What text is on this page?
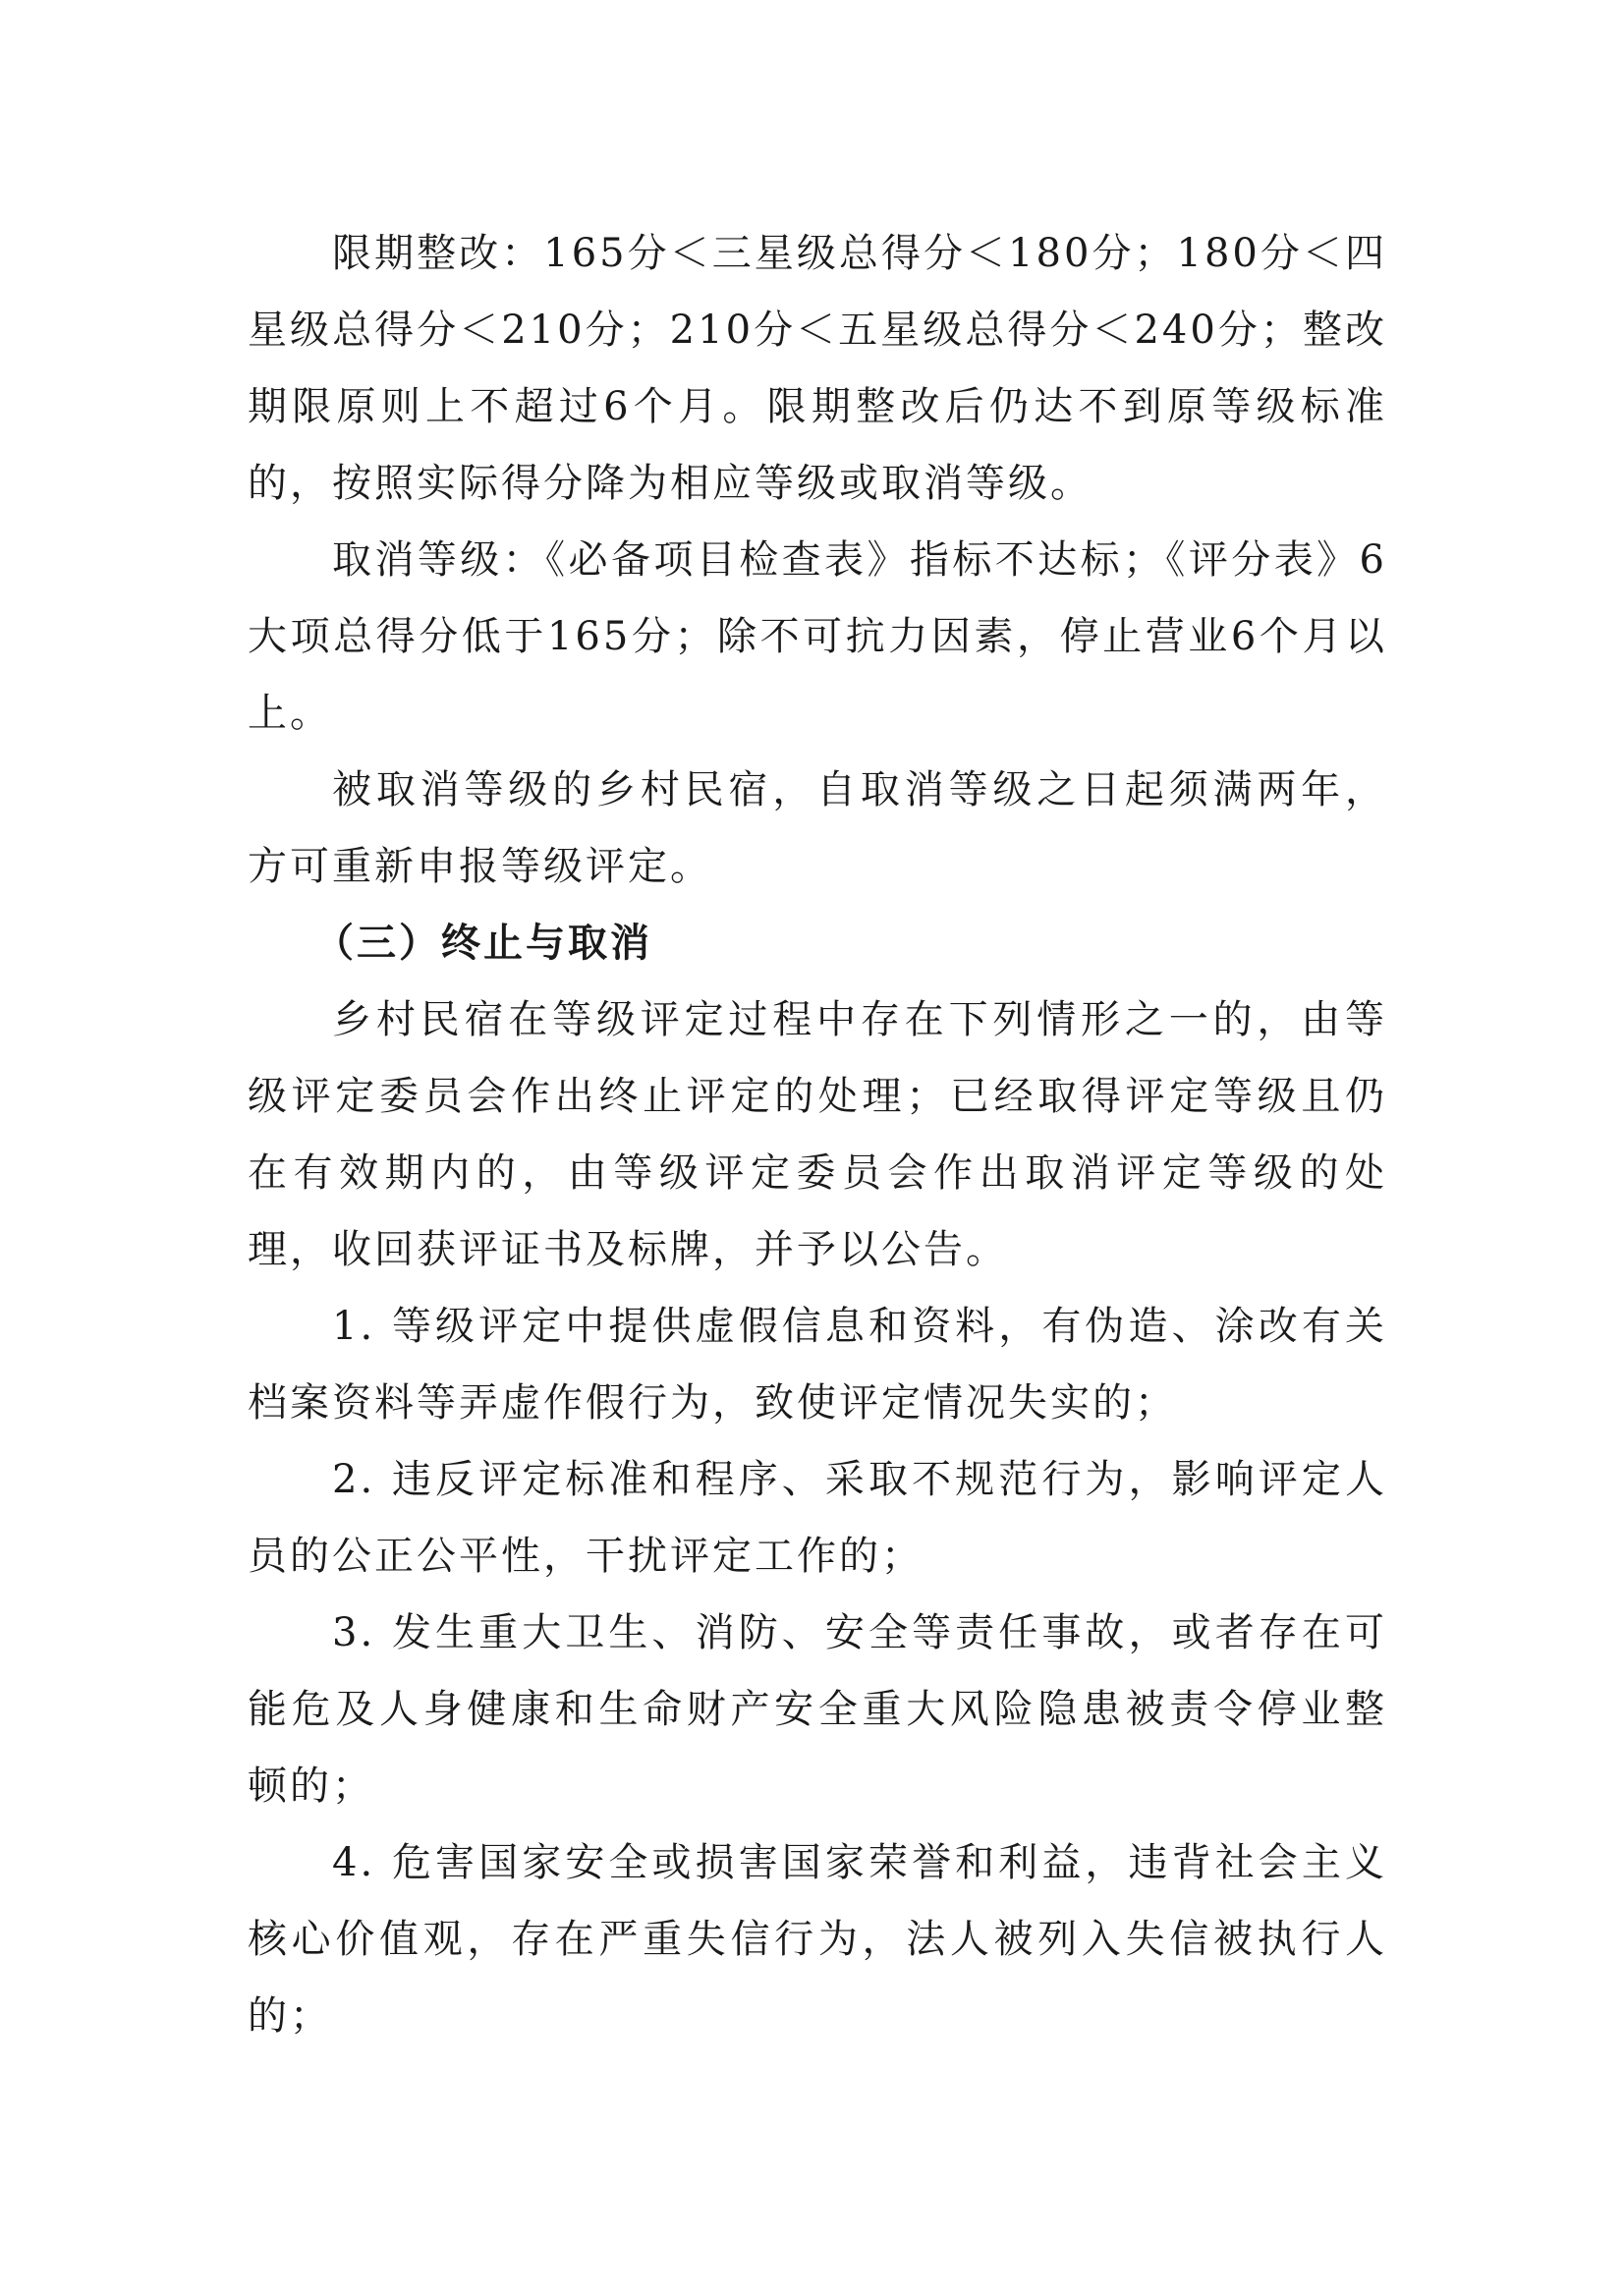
限期整改：165分＜三星级总得分＜180分；180分＜四星级总得分＜210分；210分＜五星级总得分＜240分；整改期限原则上不超过6个月。限期整改后仍达不到原等级标准的，按照实际得分降为相应等级或取消等级。

取消等级：《必备项目检查表》指标不达标；《评分表》6大项总得分低于165分；除不可抗力因素，停止营业6个月以上。

被取消等级的乡村民宿，自取消等级之日起须满两年，方可重新申报等级评定。

（三）终止与取消

乡村民宿在等级评定过程中存在下列情形之一的，由等级评定委员会作出终止评定的处理；已经取得评定等级且仍在有效期内的，由等级评定委员会作出取消评定等级的处理，收回获评证书及标牌，并予以公告。

1. 等级评定中提供虚假信息和资料，有伪造、涂改有关档案资料等弄虚作假行为，致使评定情况失实的；

2. 违反评定标准和程序、采取不规范行为，影响评定人员的公正公平性，干扰评定工作的；

3. 发生重大卫生、消防、安全等责任事故，或者存在可能危及人身健康和生命财产安全重大风险隐患被责令停业整顿的；

4. 危害国家安全或损害国家荣誉和利益，违背社会主义核心价值观，存在严重失信行为，法人被列入失信被执行人的；
